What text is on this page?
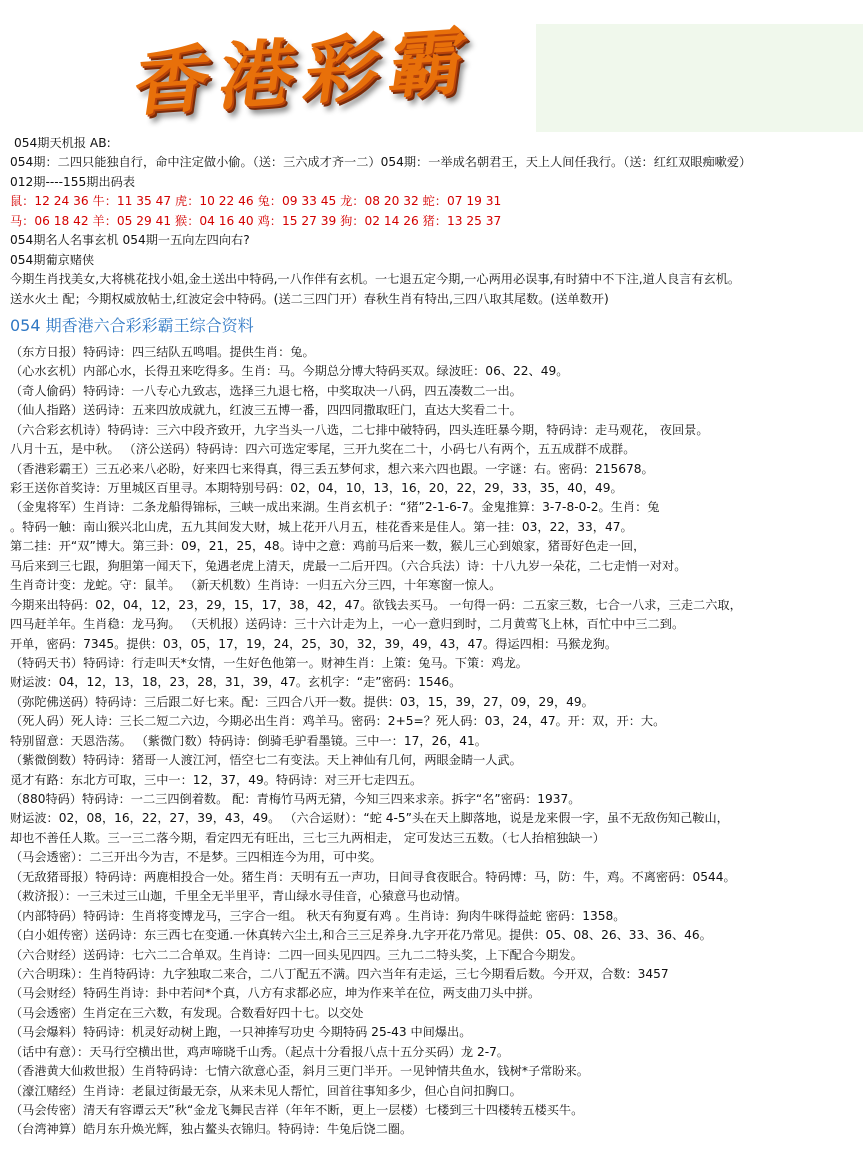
香港彩霸
054期天机报 AB:
054期：二四只能独自行，命中注定做小偷。（送：三六成才齐一二）054期：一举成名朝君王，天上人间任我行。（送：红红双眼痴嗽爱）
012期----155期出码表
鼠：12 24 36 牛：11 35 47 虎：10 22 46 兔：09 33 45 龙：08 20 32 蛇：07 19 31
马：06 18 42 羊：05 29 41 猴：04 16 40 鸡：15 27 39 狗：02 14 26 猪：13 25 37
054期名人名事玄机 054期一五向左四向右?
054期葡京赌侠
今期生肖找美女,大将桃花找小姐,金土送出中特码,一八作伴有玄机。一七退五定今期,一心两用必误事,有时猜中不下注,道人良言有玄机。
送水火土 配；今期权威放帖士,红波定会中特码。(送二三四门开）春秋生肖有特出,三四八取其尾数。(送单数开)
054 期香港六合彩彩霸王综合资料
（东方日报）特码诗：四三结队五鸣唱。提供生肖：兔。
（心水玄机）内部心水，长得丑来吃得多。生肖：马。今期总分博大特码买双。绿波旺：06、22、49。
（奇人偷码）特码诗：一八专心九致志，选择三九退七格，中奖取决一八码，四五凑数二一出。
（仙人指路）送码诗：五来四放成就九，红波三五博一番，四四同撒取旺门，直达大奖看二十。
（六合彩玄机诗）特码诗：三六中段齐致开，九字当头一八选，二七排中破特码，四头连旺暴今期，特码诗：走马观花， 夜回景。
八月十五，是中秋。 （济公送码）特码诗：四六可选定零尾，三开九奖在二十，小码七八有两个，五五成群不成群。
（香港彩霸王）三五必来八必盼，好来四七来得真，得三丢五梦何求，想六来六四也跟。一字谜：右。密码：215678。
彩王送你首奖诗：万里城区百里寻。本期特别号码：02，04，10，13，16，20，22，29，33，35，40，49。
（金鬼将军）生肖诗：二条龙船得锦标，三峡一成出来湖。生肖玄机子：“猪”2-1-6-7。金鬼推算：3-7-8-0-2。生肖：兔
。特码一触：南山猴兴北山虎，五九其间发大财，城上花开八月五，桂花香来是佳人。第一挂：03，22，33，47。
第二挂：开“双”博大。第三卦：09，21，25，48。诗中之意：鸡前马后来一数，猴儿三心到娘家，猪哥好色走一回，
马后来到三七跟，狗胆第一闻天下，兔遇老虎上清天，虎最一二后开四。（六合兵法）诗：十八九岁一朵花，二七走悄一对对。
生肖奇计变：龙蛇。守：鼠羊。 （新天机数）生肖诗：一归五六分三四，十年寒窗一惊人。
今期来出特码：02，04，12，23，29，15，17，38，42，47。欲钱去买马。 一句得一码：二五家三数，七合一八求，三走二六取，
四马赶羊年。生肖稳：龙马狗。 （天机报）送码诗：三十六计走为上，一心一意归到时，二月黄莺飞上林，百忙中中三二到。
开单，密码：7345。提供：03，05，17，19，24，25，30，32，39，49，43，47。得运四相：马猴龙狗。
（特码天书）特码诗：行走叫天*女情，一生好色他第一。财神生肖：上策：兔马。下策：鸡龙。
财运波：04，12，13，18，23，28，31，39，47。玄机字：“走”密码：1546。
（弥陀佛送码）特码诗：三后跟二好七来。配：三四合八开一数。提供：03，15，39，27，09，29，49。
（死人码）死人诗：三长二短二六边，今期必出生肖：鸡羊马。密码：2+5=？死人码：03，24，47。开：双，开：大。
特别留意：天恩浩荡。 （紫微门数）特码诗：倒骑毛驴看墨镜。三中一：17，26，41。
（紫微倒数）特码诗：猪哥一人渡江河，悟空七二有变法。天上神仙有几何，两眼金睛一人武。
觅才有路：东北方可取，三中一：12，37，49。特码诗：对三开七走四五。
（880特码）特码诗：一二三四倒着数。 配：青梅竹马两无猜，今知三四来求亲。拆字“名”密码：1937。
财运波：02，08，16，22，27，39，43，49。 （六合运财）：“蛇 4-5”头在天上脚落地，说是龙来假一字，虽不无敌伤知己鞍山，
却也不善任人欺。三一三二落今期，看定四无有旺出，三七三九两相走， 定可发达三五数。（七人抬棺独缺一）
（马会透密）：二三开出今为吉，不是梦。三四相连今为用，可中奖。
（无敌猪哥报）特码诗：两鹿相投合一处。猪生肖：天明有五一声功，日间寻食夜眠合。特码博：马，防：牛，鸡。不离密码：0544。
（救济报）：一三未过三山迦，千里全无半里平，青山绿水寻佳音，心猿意马也动情。
（内部特码）特码诗：生肖将变博龙马，三字合一组。 秋天有狗夏有鸡 。生肖诗：狗肉牛咪得益蛇 密码：1358。
（白小姐传密）送码诗：东三西七在变通.一休真转六尘土,和合三三足养身.九字开花乃常见。提供：05、08、26、33、36、46。
（六合财经）送码诗：七六二二合单双。生肖诗：二四一回头见四四。三九二二特头奖，上下配合今期发。
（六合明珠）：生肖特码诗：九字独取二来合，二八丁配五不满。四六当年有走运，三七今期看后数。今开双，合数：3457
（马会财经）特码生肖诗：卦中若问*个真，八方有求都必应，坤为作来羊在位，两支曲刀头中拼。
（马会透密）生肖定在三六数，有发现。合数看好四十七。以交处
（马会爆料）特码诗：机灵好动树上跑，一只神捧写功史 今期特码 25-43 中间爆出。
（话中有意）：天马行空横出世，鸡声啼晓千山秀。（起点十分看报八点十五分买码）龙 2-7。
（香港黄大仙救世报）生肖特码诗：七情六欲意心歪，斜月三更门半开。一见钟情共鱼水，钱树*子常盼来。
（濠江赌经）生肖诗：老鼠过街最无奈，从来未见人帮忙，回首往事知多少，但心自问扣胸口。
（马会传密）清天有容谭云天”秋“金龙飞舞民吉祥（年年不断，更上一层楼）七楼到三十四楼转五楼买牛。
（台湾神算）皓月东升焕光辉，独占鳌头衣锦归。特码诗：牛兔后饶二圈。
